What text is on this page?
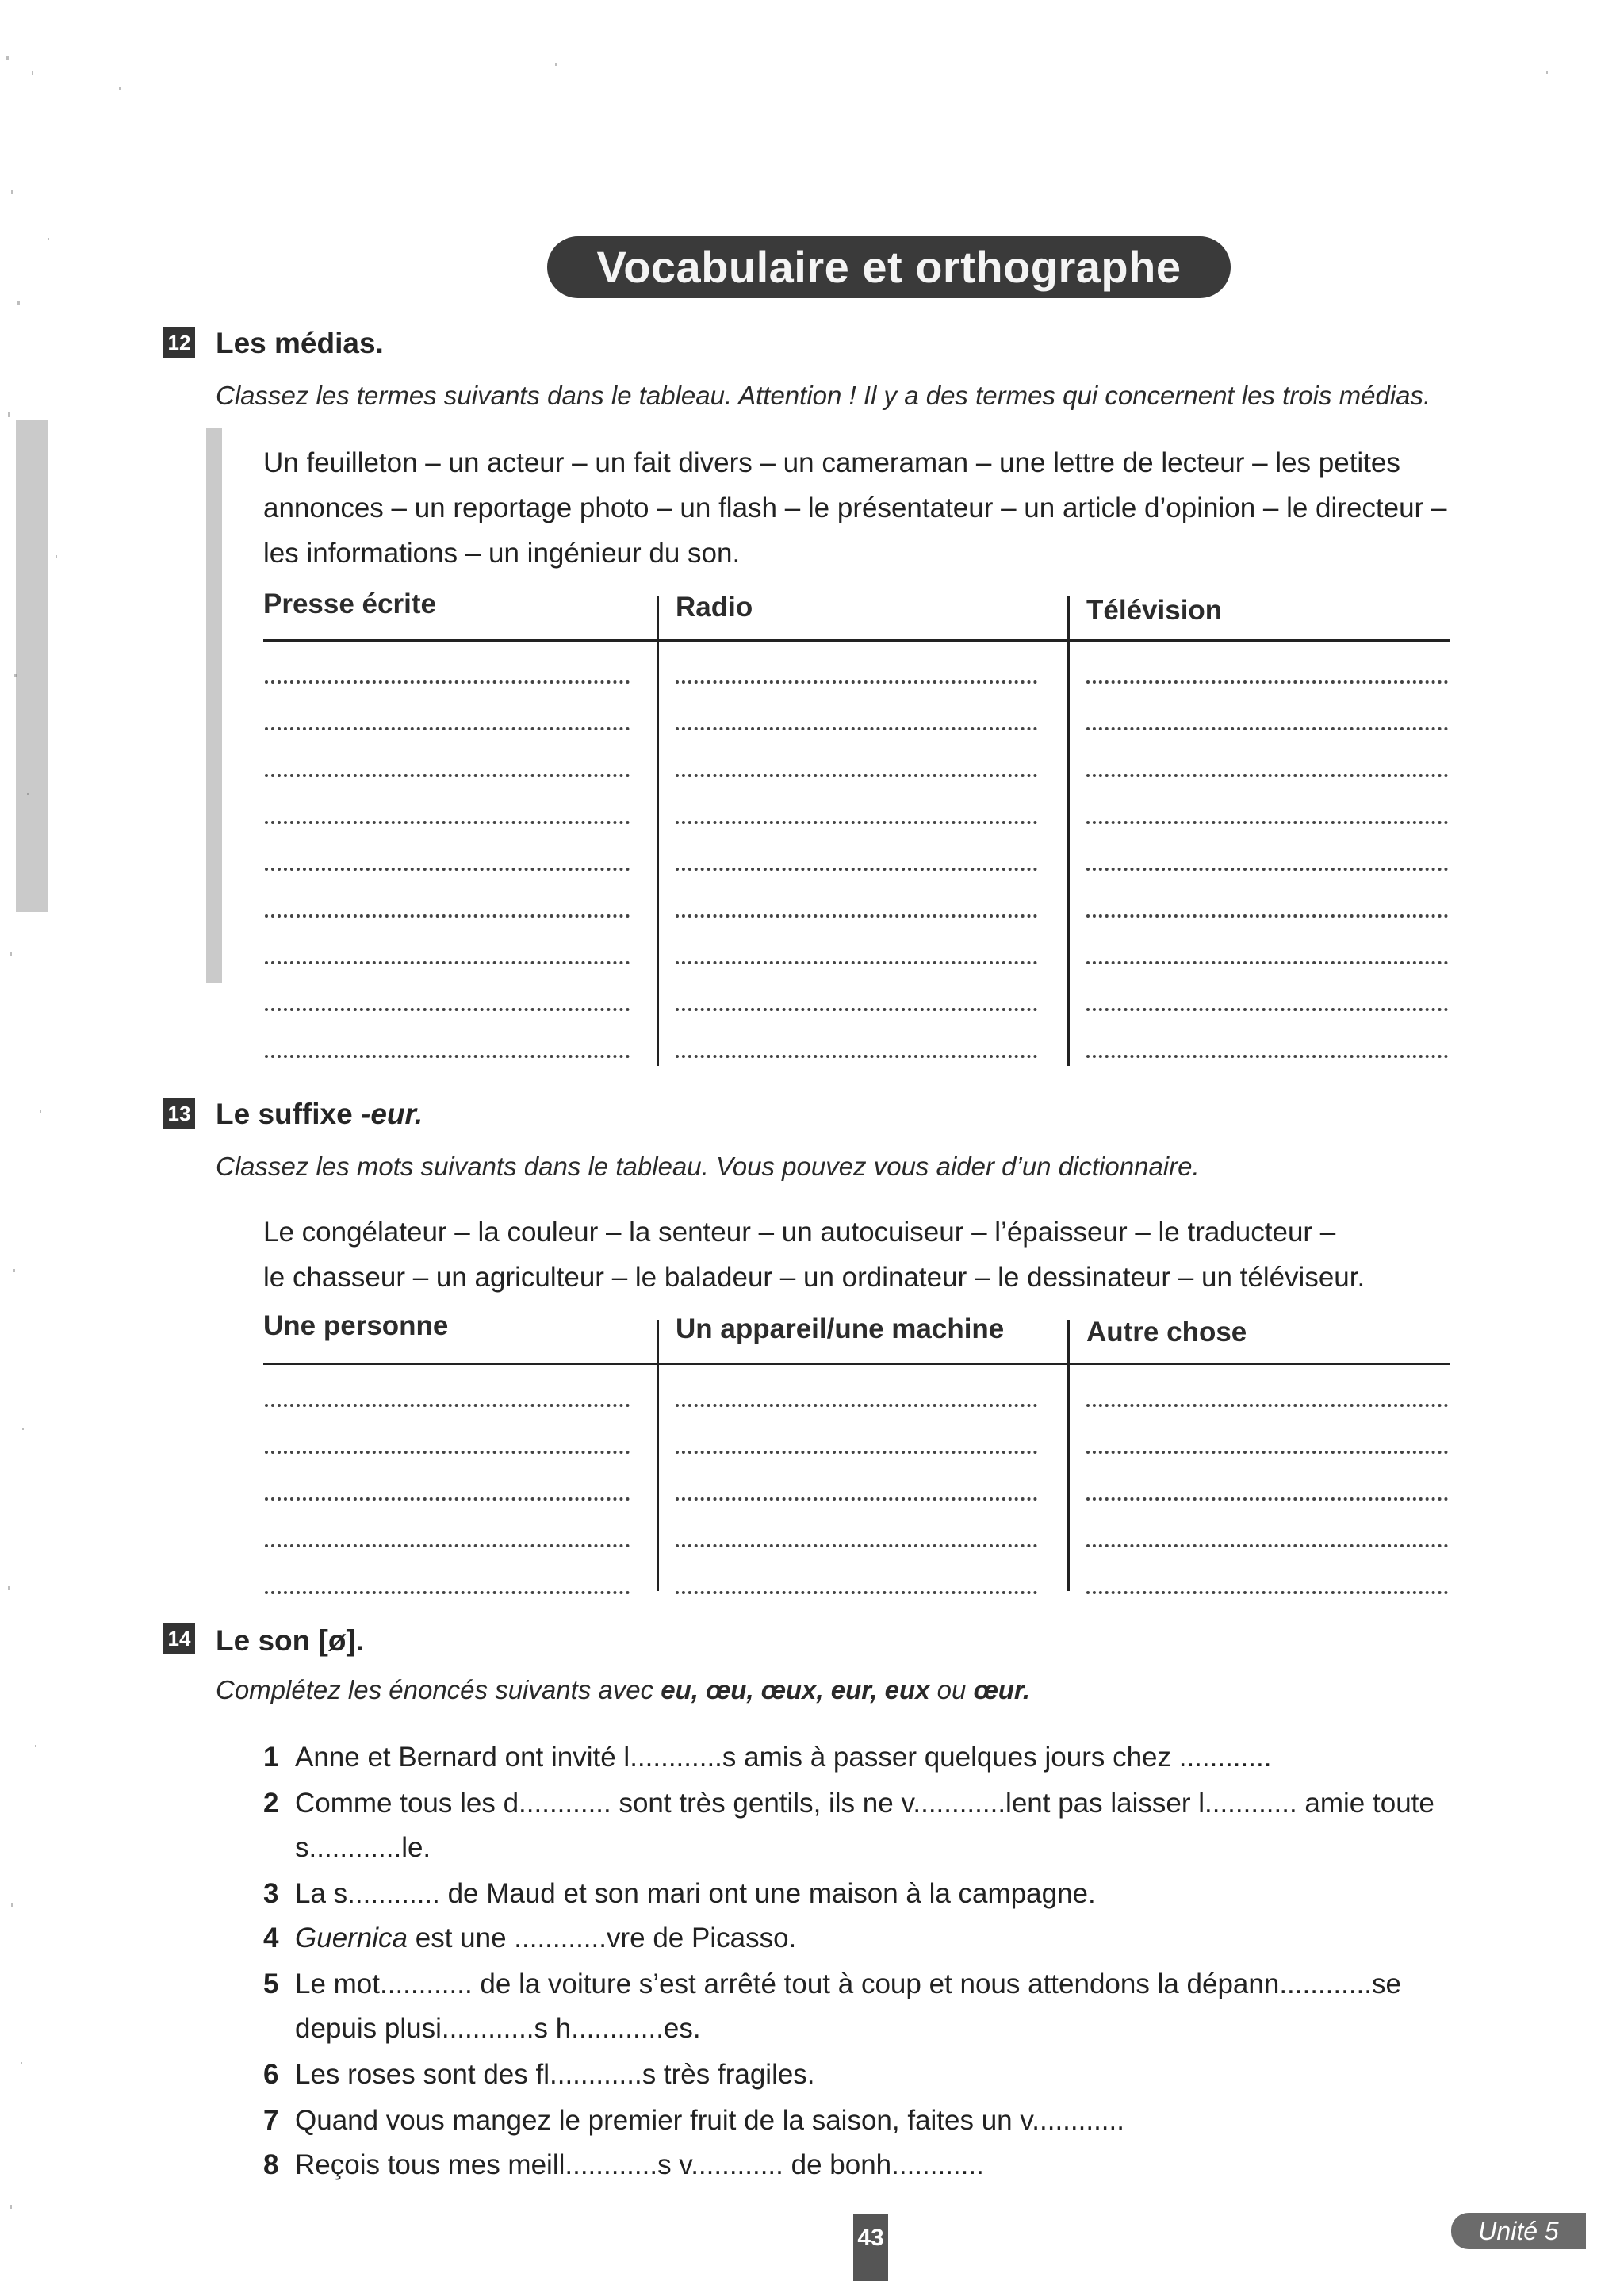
Vocabulaire et orthographe
12 Les médias.
Classez les termes suivants dans le tableau. Attention ! Il y a des termes qui concernent les trois médias.
Un feuilleton – un acteur – un fait divers – un cameraman – une lettre de lecteur – les petites
annonces – un reportage photo – un flash – le présentateur – un article d’opinion – le directeur –
les informations – un ingénieur du son.
Presse écrite	Radio	Télévision
13 Le suffixe -eur.
Classez les mots suivants dans le tableau. Vous pouvez vous aider d’un dictionnaire.
Le congélateur – la couleur – la senteur – un autocuiseur – l’épaisseur – le traducteur –
le chasseur – un agriculteur – le baladeur – un ordinateur – le dessinateur – un téléviseur.
Une personne	Un appareil/une machine	Autre chose
14 Le son [ø].
Complétez les énoncés suivants avec eu, œu, œux, eur, eux ou œur.
1 Anne et Bernard ont invité l............s amis à passer quelques jours chez ............
2 Comme tous les d............ sont très gentils, ils ne v............lent pas laisser l............ amie toute
s............le.
3 La s............ de Maud et son mari ont une maison à la campagne.
4 Guernica est une ............vre de Picasso.
5 Le mot............ de la voiture s’est arrêté tout à coup et nous attendons la dépann............se
depuis plusi............s h............es.
6 Les roses sont des fl............s très fragiles.
7 Quand vous mangez le premier fruit de la saison, faites un v............
8 Reçois tous mes meill............s v............ de bonh............
43	Unité 5
